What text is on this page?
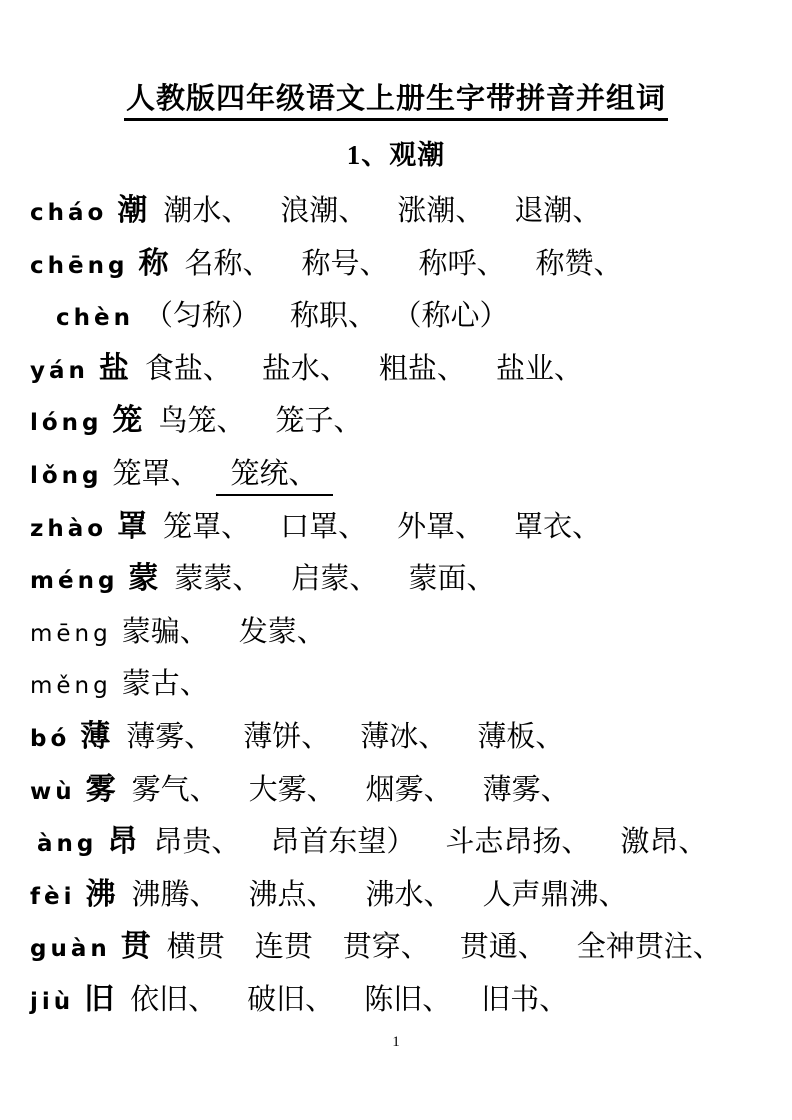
人教版四年级语文上册生字带拼音并组词
1、观潮
cháo 潮 潮水、 浪潮、 涨潮、 退潮、
chēng 称 名称、 称号、 称呼、 称赞、
chèn （匀称） 称职、 （称心）
yán 盐 食盐、 盐水、 粗盐、 盐业、
lóng 笼 鸟笼、 笼子、
lǒng 笼罩、 笼统、
zhào 罩 笼罩、 口罩、 外罩、 罩衣、
méng 蒙 蒙蒙、 启蒙、 蒙面、
mēng 蒙骗、 发蒙、
měng 蒙古、
bó 薄 薄雾、 薄饼、 薄冰、 薄板、
wù 雾 雾气、 大雾、 烟雾、 薄雾、
àng 昂 昂贵、 昂首东望） 斗志昂扬、 激昂、
fèi 沸 沸腾、 沸点、 沸水、 人声鼎沸、
guàn 贯 横贯 连贯 贯穿、 贯通、 全神贯注、
jiù 旧 依旧、 破旧、 陈旧、 旧书、
1
